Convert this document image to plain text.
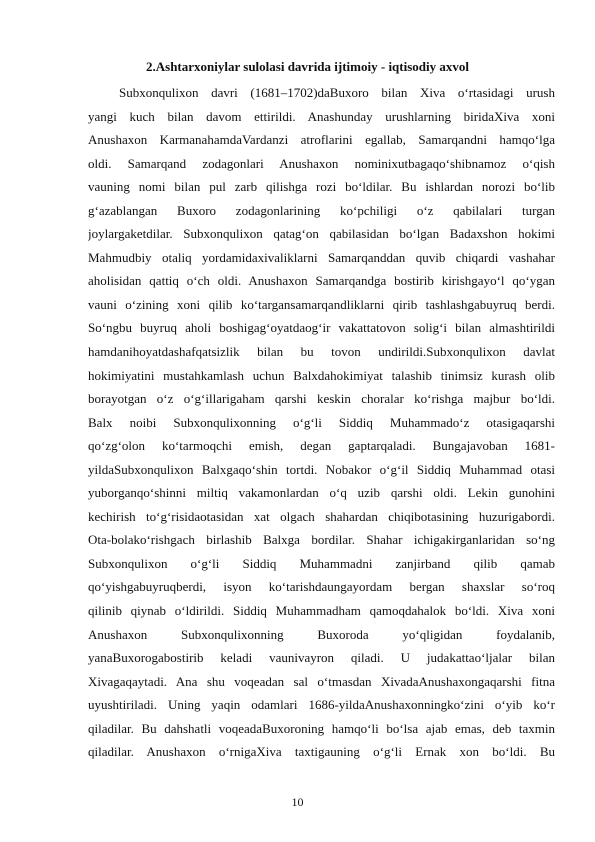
2.Ashtarxoniylar sulolasi davrida ijtimoiy - iqtisodiy axvol
Subxonqulixon davri (1681–1702)daBuxoro bilan Xiva o‘rtasidagi urush
yangi kuch bilan davom ettirildi. Anashunday urushlarning biridaXiva xoni
Anushaxon KarmanahamdaVardanzi atroflarini egallab, Samarqandni hamqo‘lga
oldi. Samarqand zodagonlari Anushaxon nominixutbagaqo‘shibnamoz o‘qish
vauning nomi bilan pul zarb qilishga rozi bo‘ldilar. Bu ishlardan norozi bo‘lib
g‘azablangan Buxoro zodagonlarining ko‘pchiligi o‘z qabilalari turgan
joylargaketdilar. Subxonqulixon qatag‘on qabilasidan bo‘lgan Badaxshon hokimi
Mahmudbiy otaliq yordamidaxivaliklarni Samarqanddan quvib chiqardi vashahar
aholisidan qattiq o‘ch oldi. Anushaxon Samarqandga bostirib kirishgayo‘l qo‘ygan
vauni o‘zining xoni qilib ko‘targansamarqandliklarni qirib tashlashgabuyruq berdi.
So‘ngbu buyruq aholi boshigag‘oyatdaog‘ir vakattatovon solig‘i bilan almashtirildi
hamdanihoyatdashafqatsizlik bilan bu tovon undirildi.Subxonqulixon davlat
hokimiyatini mustahkamlash uchun Balxdahokimiyat talashib tinimsiz kurash olib
borayotgan o‘z o‘g‘illarigaham qarshi keskin choralar ko‘rishga majbur bo‘ldi.
Balx noibi Subxonqulixonning o‘g‘li Siddiq Muhammado‘z otasigaqarshi
qo‘zg‘olon ko‘tarmoqchi emish, degan gaptarqaladi. Bungajavoban 1681-
yildaSubxonqulixon Balxgaqo‘shin tortdi. Nobakor o‘g‘il Siddiq Muhammad otasi
yuborganqo‘shinni miltiq vakamonlardan o‘q uzib qarshi oldi. Lekin gunohini
kechirish to‘g‘risidaotasidan xat olgach shahardan chiqibotasining huzurigabordi.
Ota-bolako‘rishgach birlashib Balxga bordilar. Shahar ichigakirganlaridan so‘ng
Subxonqulixon o‘g‘li Siddiq Muhammadni zanjirband qilib qamab
qo‘yishgabuyruqberdi, isyon ko‘tarishdaungayordam bergan shaxslar so‘roq
qilinib qiynab o‘ldirildi. Siddiq Muhammadham qamoqdahalok bo‘ldi. Xiva xoni
Anushaxon Subxonqulixonning Buxoroda yo‘qligidan foydalanib,
yanaBuxorogabostirib keladi vaunivayron qiladi. U judakattao‘ljalar bilan
Xivagaqaytadi. Ana shu voqeadan sal o‘tmasdan XivadaAnushaxongaqarshi fitna
uyushtiriladi. Uning yaqin odamlari 1686-yildaAnushaxonningko‘zini o‘yib ko‘r
qiladilar. Bu dahshatli voqeadaBuxoroning hamqo‘li bo‘lsa ajab emas, deb taxmin
qiladilar. Anushaxon o‘rnigaXiva taxtigauning o‘g‘li Ernak xon bo‘ldi. Bu
10
